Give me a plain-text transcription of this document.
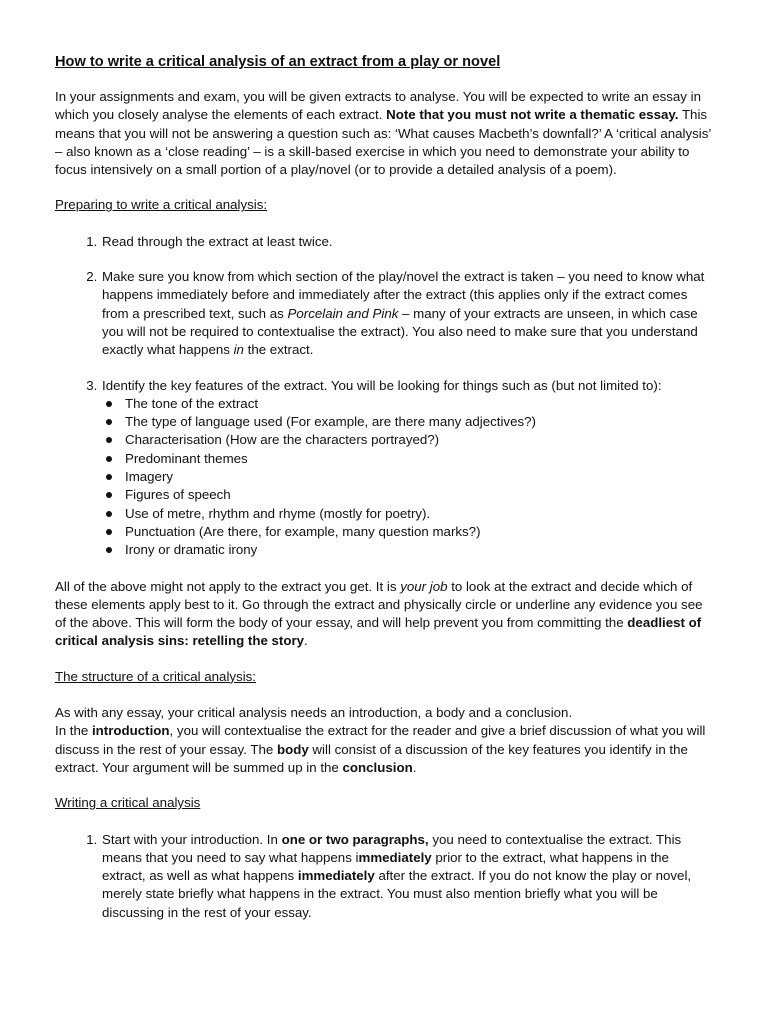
How to write a critical analysis of an extract from a play or novel

In your assignments and exam, you will be given extracts to analyse. You will be expected to write an essay in which you closely analyse the elements of each extract. Note that you must not write a thematic essay. This means that you will not be answering a question such as: ‘What causes Macbeth’s downfall?’ A ‘critical analysis’ – also known as a ‘close reading’ – is a skill-based exercise in which you need to demonstrate your ability to focus intensively on a small portion of a play/novel (or to provide a detailed analysis of a poem).

Preparing to write a critical analysis:

1. Read through the extract at least twice.
2. Make sure you know from which section of the play/novel the extract is taken – you need to know what happens immediately before and immediately after the extract (this applies only if the extract comes from a prescribed text, such as Porcelain and Pink – many of your extracts are unseen, in which case you will not be required to contextualise the extract). You also need to make sure that you understand exactly what happens in the extract.
3. Identify the key features of the extract. You will be looking for things such as (but not limited to):
The tone of the extract
The type of language used (For example, are there many adjectives?)
Characterisation (How are the characters portrayed?)
Predominant themes
Imagery
Figures of speech
Use of metre, rhythm and rhyme (mostly for poetry).
Punctuation (Are there, for example, many question marks?)
Irony or dramatic irony

All of the above might not apply to the extract you get. It is your job to look at the extract and decide which of these elements apply best to it. Go through the extract and physically circle or underline any evidence you see of the above. This will form the body of your essay, and will help prevent you from committing the deadliest of critical analysis sins: retelling the story.

The structure of a critical analysis:

As with any essay, your critical analysis needs an introduction, a body and a conclusion.

In the introduction, you will contextualise the extract for the reader and give a brief discussion of what you will discuss in the rest of your essay. The body will consist of a discussion of the key features you identify in the extract. Your argument will be summed up in the conclusion.

Writing a critical analysis

1. Start with your introduction. In one or two paragraphs, you need to contextualise the extract. This means that you need to say what happens immediately prior to the extract, what happens in the extract, as well as what happens immediately after the extract. If you do not know the play or novel, merely state briefly what happens in the extract. You must also mention briefly what you will be discussing in the rest of your essay.
